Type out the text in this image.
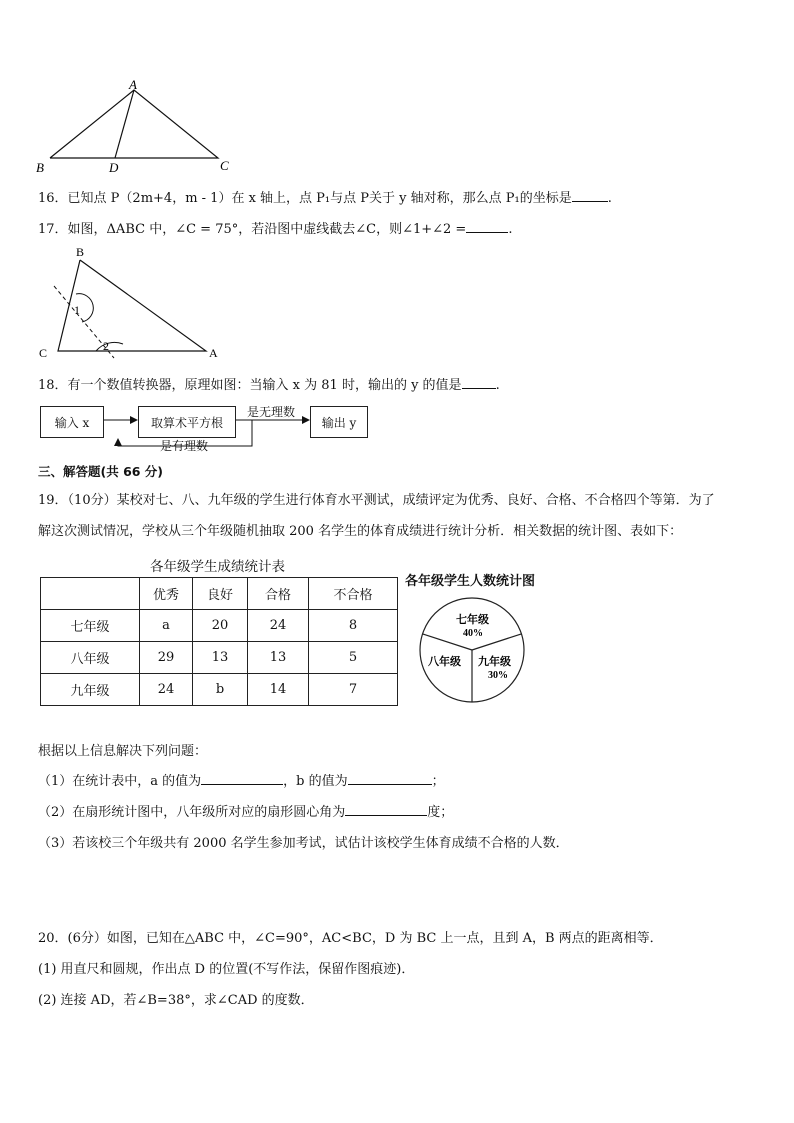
A
B	D	C
16．已知点 P（2m+4，m - 1）在 x 轴上，点 P₁与点 P关于 y 轴对称，那么点 P₁的坐标是	.
17．如图，ΔABC 中，∠C = 75°，若沿图中虚线截去∠C，则∠1+∠2 =	.
B
C	A
1
2
18．有一个数值转换器，原理如图：当输入 x 为 81 时，输出的 y 的值是	.
输入 x	取算术平方根	输出 y
是无理数
是有理数
三、解答题(共 66 分)
19．（10分）某校对七、八、九年级的学生进行体育水平测试，成绩评定为优秀、良好、合格、不合格四个等第．为了
解这次测试情况，学校从三个年级随机抽取 200 名学生的体育成绩进行统计分析．相关数据的统计图、表如下：
各年级学生成绩统计表
	优秀	良好	合格	不合格
七年级	a	20	24	8
八年级	29	13	13	5
九年级	24	b	14	7
各年级学生人数统计图
七年级
40%
八年级 九年级
30%
根据以上信息解决下列问题：
（1）在统计表中，a 的值为	，b 的值为	；
（2）在扇形统计图中，八年级所对应的扇形圆心角为	度；
（3）若该校三个年级共有 2000 名学生参加考试，试估计该校学生体育成绩不合格的人数．
20．(6分）如图，已知在△ABC 中，∠C=90°，AC<BC，D 为 BC 上一点，且到 A，B 两点的距离相等．
(1) 用直尺和圆规，作出点 D 的位置(不写作法，保留作图痕迹)．
(2) 连接 AD，若∠B=38°，求∠CAD 的度数．
